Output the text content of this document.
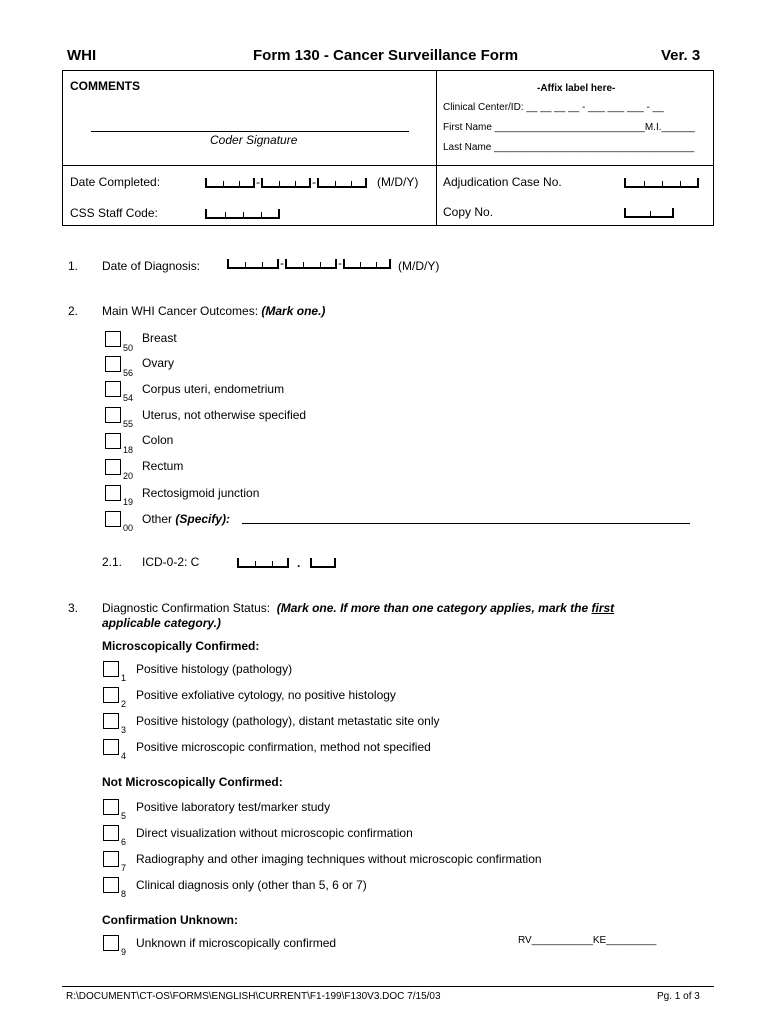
WHI	Form 130 - Cancer Surveillance Form	Ver. 3
COMMENTS
Coder Signature
-Affix label here-
Clinical Center/ID: __ __ __ __ - ___ ___ ___ - __
First Name ___________________________M.I.______
Last Name ____________________________________
Date Completed:	-	-	(M/D/Y)
CSS Staff Code:
Adjudication Case No.
Copy No.
1. Date of Diagnosis:	-	-	(M/D/Y)
2. Main WHI Cancer Outcomes: (Mark one.)
50
Breast
56
Ovary
54
Corpus uteri, endometrium
55
Uterus, not otherwise specified
18
Colon
20
Rectum
19
Rectosigmoid junction
00
Other (Specify):
2.1. ICD-0-2: C	.
3. Diagnostic Confirmation Status: (Mark one. If more than one category applies, mark the first
applicable category.)
Microscopically Confirmed:
1
Positive histology (pathology)
2
Positive exfoliative cytology, no positive histology
3
Positive histology (pathology), distant metastatic site only
4
Positive microscopic confirmation, method not specified
Not Microscopically Confirmed:
5
Positive laboratory test/marker study
6
Direct visualization without microscopic confirmation
7
Radiography and other imaging techniques without microscopic confirmation
8
Clinical diagnosis only (other than 5, 6 or 7)
Confirmation Unknown:
9
Unknown if microscopically confirmed	RV___________KE_________
R:\DOCUMENT\CT-OS\FORMS\ENGLISH\CURRENT\F1-199\F130V3.DOC 7/15/03	Pg. 1 of 3
